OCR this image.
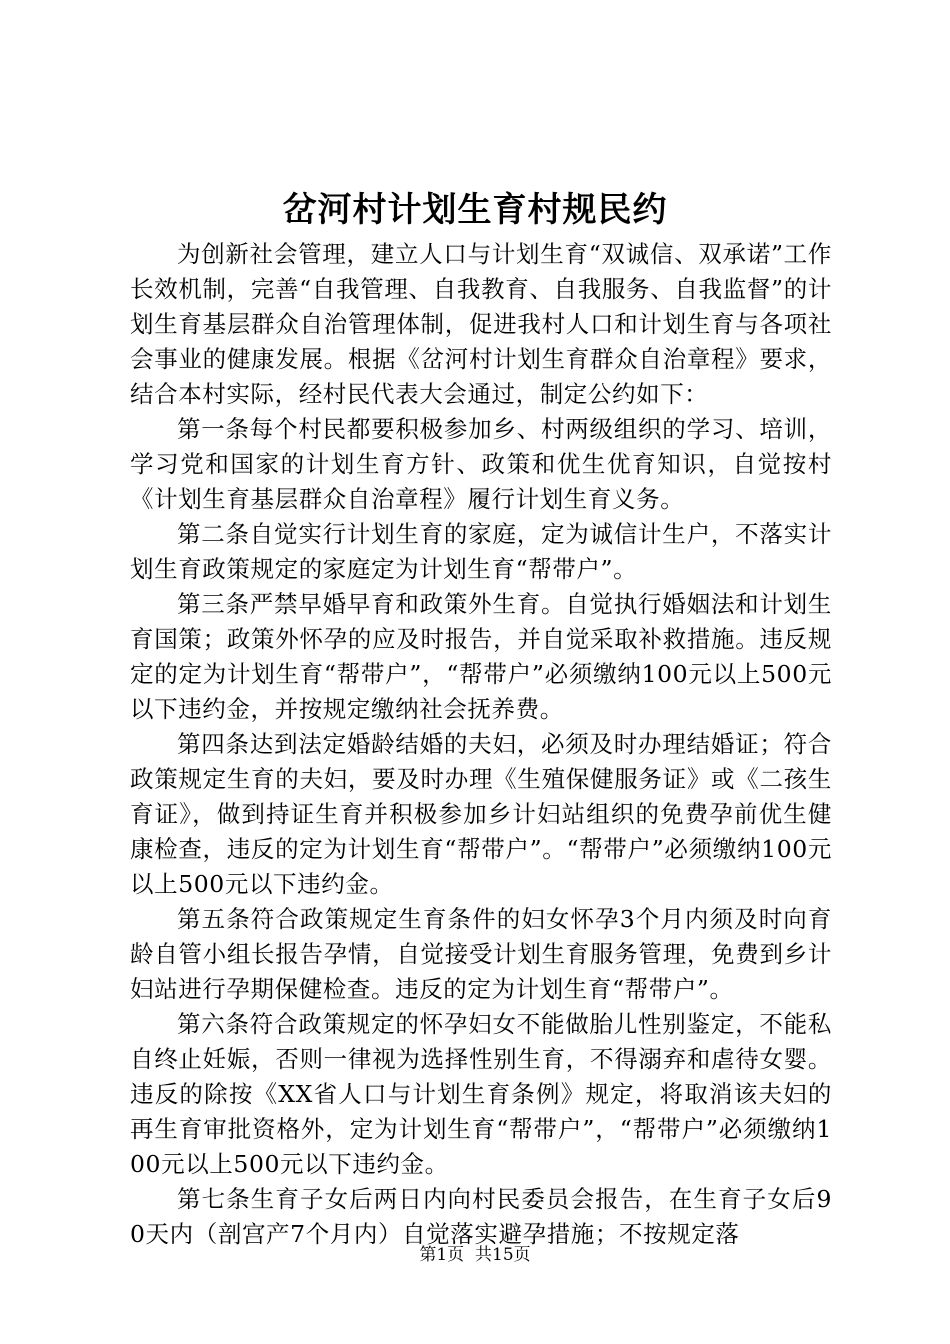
岔河村计划生育村规民约

为创新社会管理，建立人口与计划生育“双诚信、双承诺”工作长效机制，完善“自我管理、自我教育、自我服务、自我监督”的计划生育基层群众自治管理体制，促进我村人口和计划生育与各项社会事业的健康发展。根据《岔河村计划生育群众自治章程》要求，结合本村实际，经村民代表大会通过，制定公约如下：

第一条每个村民都要积极参加乡、村两级组织的学习、培训，学习党和国家的计划生育方针、政策和优生优育知识，自觉按村《计划生育基层群众自治章程》履行计划生育义务。

第二条自觉实行计划生育的家庭，定为诚信计生户，不落实计划生育政策规定的家庭定为计划生育“帮带户”。

第三条严禁早婚早育和政策外生育。自觉执行婚姻法和计划生育国策；政策外怀孕的应及时报告，并自觉采取补救措施。违反规定的定为计划生育“帮带户”，“帮带户”必须缴纳100元以上500元以下违约金，并按规定缴纳社会抚养费。

第四条达到法定婚龄结婚的夫妇，必须及时办理结婚证；符合政策规定生育的夫妇，要及时办理《生殖保健服务证》或《二孩生育证》，做到持证生育并积极参加乡计妇站组织的免费孕前优生健康检查，违反的定为计划生育“帮带户”。“帮带户”必须缴纳100元以上500元以下违约金。

第五条符合政策规定生育条件的妇女怀孕3个月内须及时向育龄自管小组长报告孕情，自觉接受计划生育服务管理，免费到乡计妇站进行孕期保健检查。违反的定为计划生育“帮带户”。

第六条符合政策规定的怀孕妇女不能做胎儿性别鉴定，不能私自终止妊娠，否则一律视为选择性别生育，不得溺弃和虐待女婴。违反的除按《XX省人口与计划生育条例》规定，将取消该夫妇的再生育审批资格外，定为计划生育“帮带户”，“帮带户”必须缴纳100元以上500元以下违约金。

第七条生育子女后两日内向村民委员会报告，在生育子女后90天内（剖宫产7个月内）自觉落实避孕措施；不按规定落

第1页 共15页
